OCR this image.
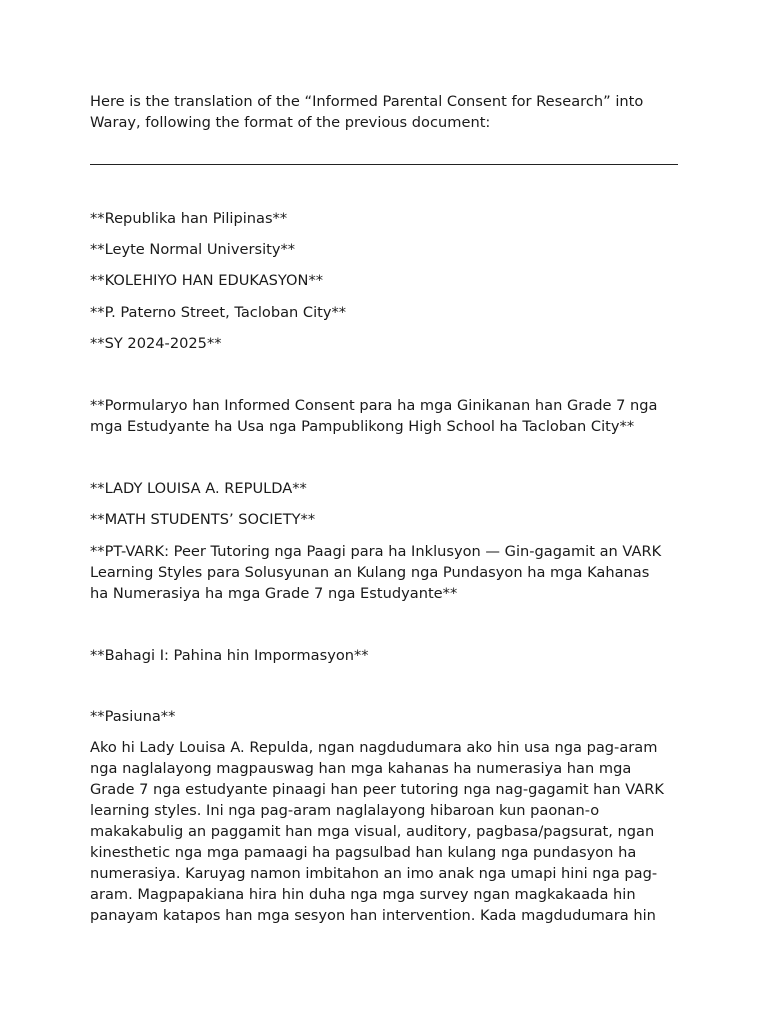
Here is the translation of the “Informed Parental Consent for Research” into Waray, following the format of the previous document:

**Republika han Pilipinas**

**Leyte Normal University**

**KOLEHIYO HAN EDUKASYON**

**P. Paterno Street, Tacloban City**

**SY 2024-2025**

**Pormularyo han Informed Consent para ha mga Ginikanan han Grade 7 nga mga Estudyante ha Usa nga Pampublikong High School ha Tacloban City**

**LADY LOUISA A. REPULDA**

**MATH STUDENTS’ SOCIETY**

**PT-VARK: Peer Tutoring nga Paagi para ha Inklusyon — Gin-gagamit an VARK Learning Styles para Solusyunan an Kulang nga Pundasyon ha mga Kahanas ha Numerasiya ha mga Grade 7 nga Estudyante**

**Bahagi I: Pahina hin Impormasyon**

**Pasiuna**

Ako hi Lady Louisa A. Repulda, ngan nagdudumara ako hin usa nga pag-aram nga naglalayong magpauswag han mga kahanas ha numerasiya han mga Grade 7 nga estudyante pinaagi han peer tutoring nga nag-gagamit han VARK learning styles. Ini nga pag-aram naglalayong hibaroan kun paonan-o makakabulig an paggamit han mga visual, auditory, pagbasa/pagsurat, ngan kinesthetic nga mga pamaagi ha pagsulbad han kulang nga pundasyon ha numerasiya. Karuyag namon imbitahon an imo anak nga umapi hini nga pag-aram. Magpapakiana hira hin duha nga mga survey ngan magkakaada hin panayam katapos han mga sesyon han intervention. Kada magdudumara hin
